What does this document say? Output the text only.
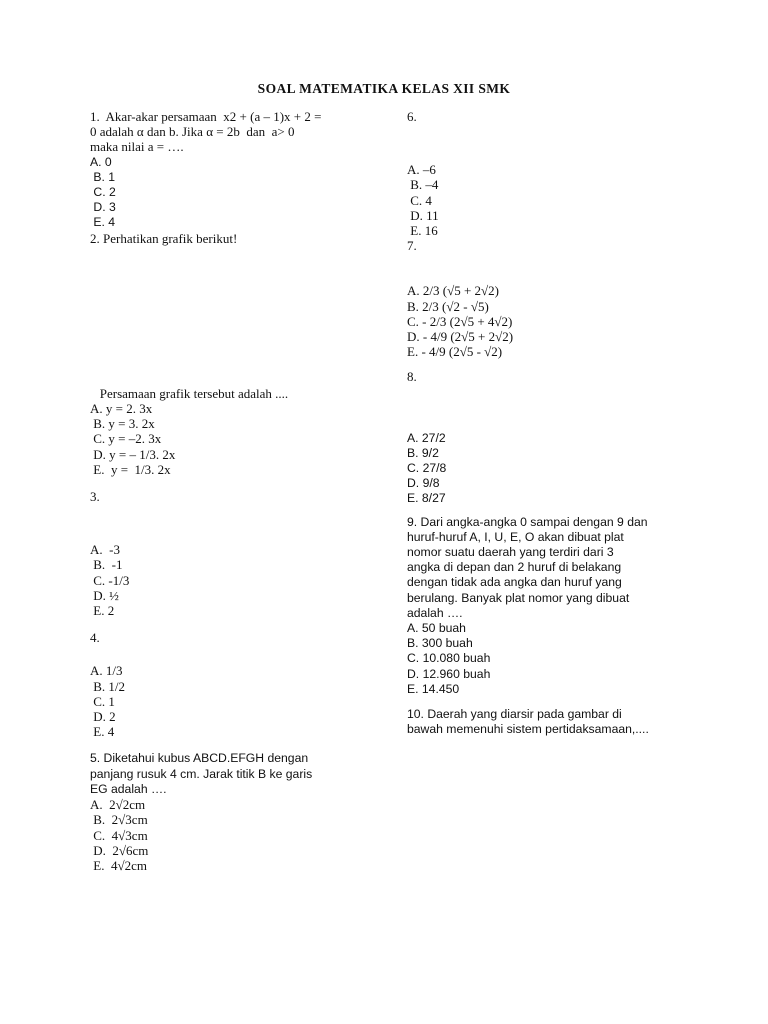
SOAL MATEMATIKA KELAS XII SMK
1.  Akar-akar persamaan  x2 + (a – 1)x + 2 =
0 adalah α dan b. Jika α = 2b  dan  a> 0
maka nilai a = ….
A. 0
B. 1
C. 2
D. 3
E. 4
2. Perhatikan grafik berikut!
Persamaan grafik tersebut adalah ....
A. y = 2. 3x
B. y = 3. 2x
C. y = –2. 3x
D. y = – 1/3. 2x
E.  y =  1/3. 2x
3.
A.  -3
B.  -1
C. -1/3
D. ½
E. 2
4.
A. 1/3
B. 1/2
C. 1
D. 2
E. 4
5. Diketahui kubus ABCD.EFGH dengan
panjang rusuk 4 cm. Jarak titik B ke garis
EG adalah ….
A.  2√2cm
B.  2√3cm
C.  4√3cm
D.  2√6cm
E.  4√2cm
6.
A. –6
B. –4
C. 4
D. 11
E. 16
7.
A. 2/3 (√5 + 2√2)
B. 2/3 (√2 - √5)
C. - 2/3 (2√5 + 4√2)
D. - 4/9 (2√5 + 2√2)
E. - 4/9 (2√5 - √2)
8.
A. 27/2
B. 9/2
C. 27/8
D. 9/8
E. 8/27
9. Dari angka-angka 0 sampai dengan 9 dan
huruf-huruf A, I, U, E, O akan dibuat plat
nomor suatu daerah yang terdiri dari 3
angka di depan dan 2 huruf di belakang
dengan tidak ada angka dan huruf yang
berulang. Banyak plat nomor yang dibuat
adalah ….
A. 50 buah
B. 300 buah
C. 10.080 buah
D. 12.960 buah
E. 14.450
10. Daerah yang diarsir pada gambar di
bawah memenuhi sistem pertidaksamaan,....
